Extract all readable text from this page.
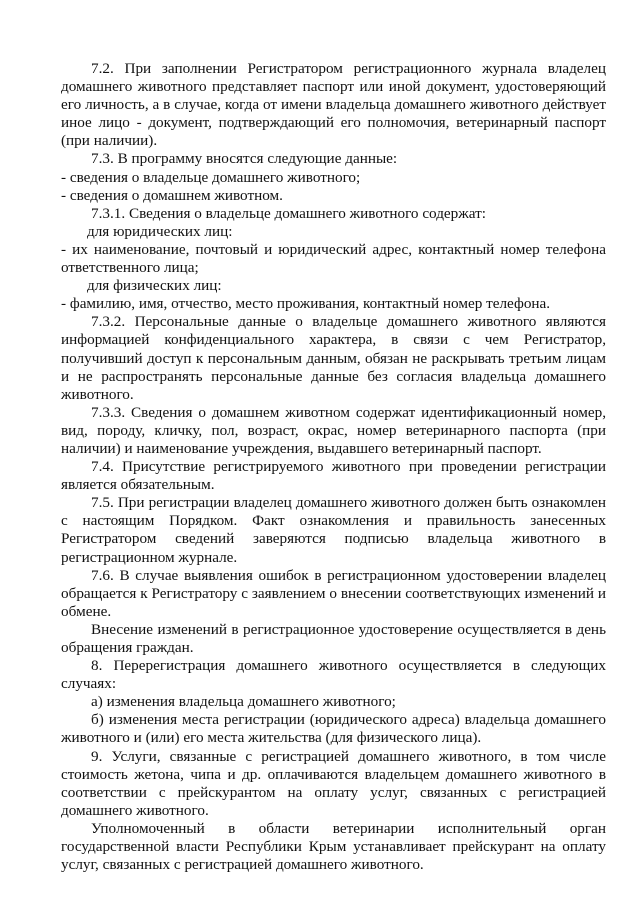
7.2. При заполнении Регистратором регистрационного журнала владелец домашнего животного представляет паспорт или иной документ, удостоверяющий его личность, а в случае, когда от имени владельца домашнего животного действует иное лицо - документ, подтверждающий его полномочия, ветеринарный паспорт (при наличии).

7.3. В программу вносятся следующие данные:

- сведения о владельце домашнего животного;

- сведения о домашнем животном.

7.3.1. Сведения о владельце домашнего животного содержат:

для юридических лиц:

- их наименование, почтовый и юридический адрес, контактный номер телефона ответственного лица;

для физических лиц:

- фамилию, имя, отчество, место проживания, контактный номер телефона.

7.3.2. Персональные данные о владельце домашнего животного являются информацией конфиденциального характера, в связи с чем Регистратор, получивший доступ к персональным данным, обязан не раскрывать третьим лицам и не распространять персональные данные без согласия владельца домашнего животного.

7.3.3. Сведения о домашнем животном содержат идентификационный номер, вид, породу, кличку, пол, возраст, окрас, номер ветеринарного паспорта (при наличии) и наименование учреждения, выдавшего ветеринарный паспорт.

7.4. Присутствие регистрируемого животного при проведении регистрации является обязательным.

7.5. При регистрации владелец домашнего животного должен быть ознакомлен с настоящим Порядком. Факт ознакомления и правильность занесенных Регистратором сведений заверяются подписью владельца животного в регистрационном журнале.

7.6. В случае выявления ошибок в регистрационном удостоверении владелец обращается к Регистратору с заявлением о внесении соответствующих изменений и обмене.

Внесение изменений в регистрационное удостоверение осуществляется в день обращения граждан.

8. Перерегистрация домашнего животного осуществляется в следующих случаях:

а) изменения владельца домашнего животного;

б) изменения места регистрации (юридического адреса) владельца домашнего животного и (или) его места жительства (для физического лица).

9. Услуги, связанные с регистрацией домашнего животного, в том числе стоимость жетона, чипа и др. оплачиваются владельцем домашнего животного в соответствии с прейскурантом на оплату услуг, связанных с регистрацией домашнего животного.

Уполномоченный в области ветеринарии исполнительный орган государственной власти Республики Крым устанавливает прейскурант на оплату услуг, связанных с регистрацией домашнего животного.
